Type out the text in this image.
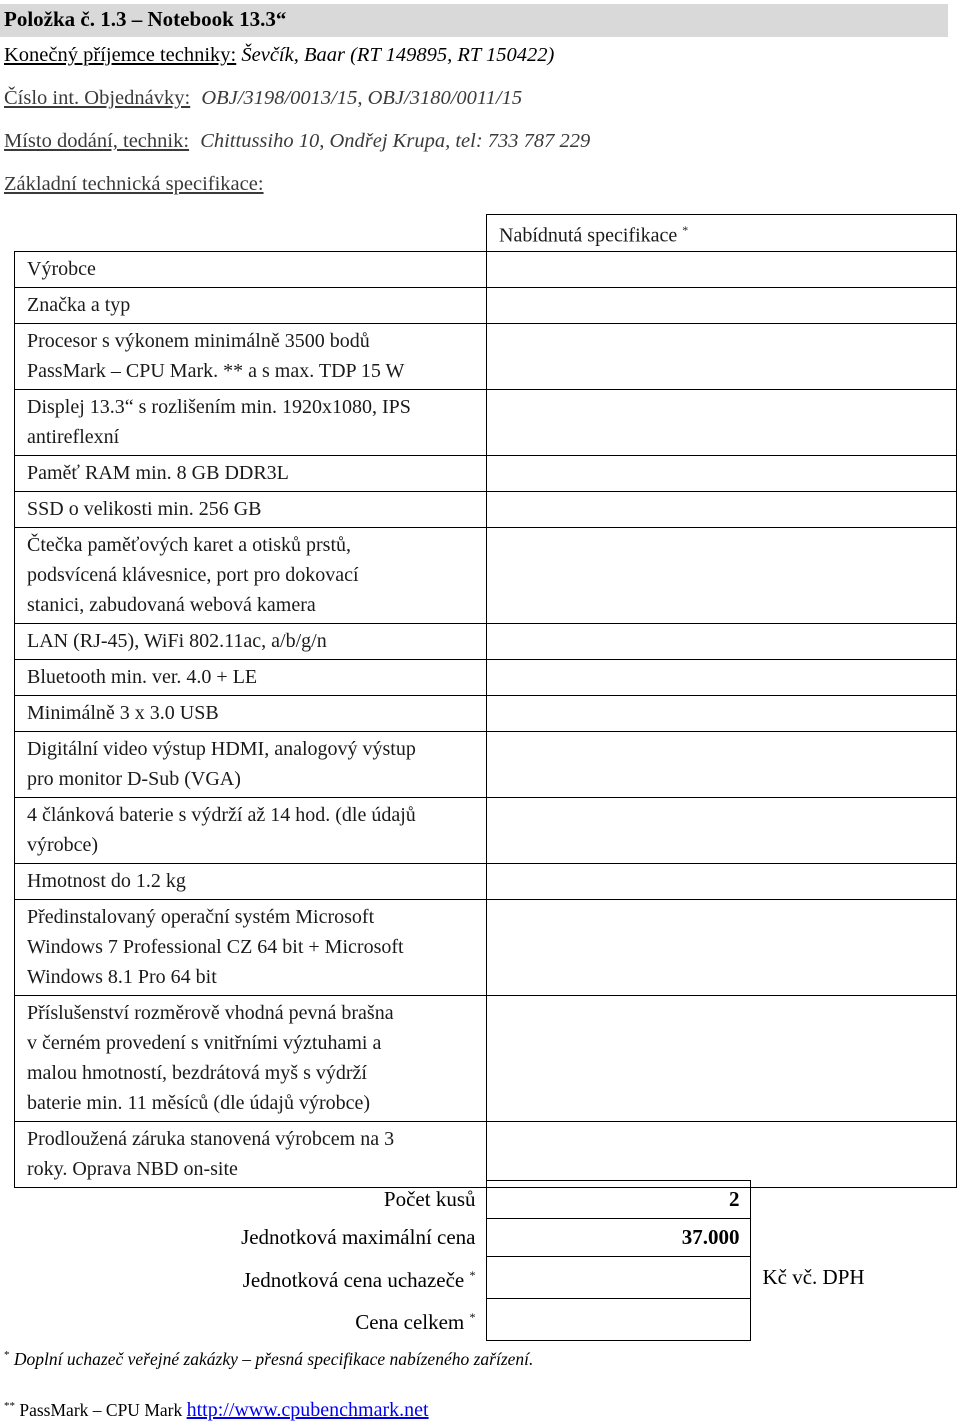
Položka č. 1.3 – Notebook 13.3“
Konečný příjemce techniky: Ševčík, Baar (RT 149895, RT 150422)
Číslo int. Objednávky: OBJ/3198/0013/15, OBJ/3180/0011/15
Místo dodání, technik: Chittussiho 10, Ondřej Krupa, tel: 733 787 229
Základní technická specifikace:
	Nabídnutá specifikace *

Výrobce	

Značka a typ	

Procesor s výkonem minimálně 3500 bodů
PassMark – CPU Mark. ** a s max. TDP 15 W	

Displej 13.3“ s rozlišením min. 1920x1080, IPS
antireflexní	

Paměť RAM min. 8 GB DDR3L	

SSD o velikosti min. 256 GB	

Čtečka paměťových karet a otisků prstů,
podsvícená klávesnice, port pro dokovací
stanici, zabudovaná webová kamera	

LAN (RJ-45), WiFi 802.11ac, a/b/g/n	

Bluetooth min. ver. 4.0 + LE	

Minimálně 3 x 3.0 USB	

Digitální video výstup HDMI, analogový výstup
pro monitor D-Sub (VGA)	

4 článková baterie s výdrží až 14 hod. (dle údajů
výrobce)	

Hmotnost do 1.2 kg	

Předinstalovaný operační systém Microsoft
Windows 7 Professional CZ 64 bit + Microsoft
Windows 8.1 Pro 64 bit	

Příslušenství rozměrově vhodná pevná brašna
v černém provedení s vnitřními výztuhami a
malou hmotností, bezdrátová myš s výdrží
baterie min. 11 měsíců (dle údajů výrobce)	

Prodloužená záruka stanovená výrobcem na 3
roky. Oprava NBD on-site	

Počet kusů	2	
Jednotková maximální cena	37.000	
Jednotková cena uchazeče *		Kč vč. DPH
Cena celkem *		
* Doplní uchazeč veřejné zakázky – přesná specifikace nabízeného zařízení.
** PassMark – CPU Mark http://www.cpubenchmark.net
